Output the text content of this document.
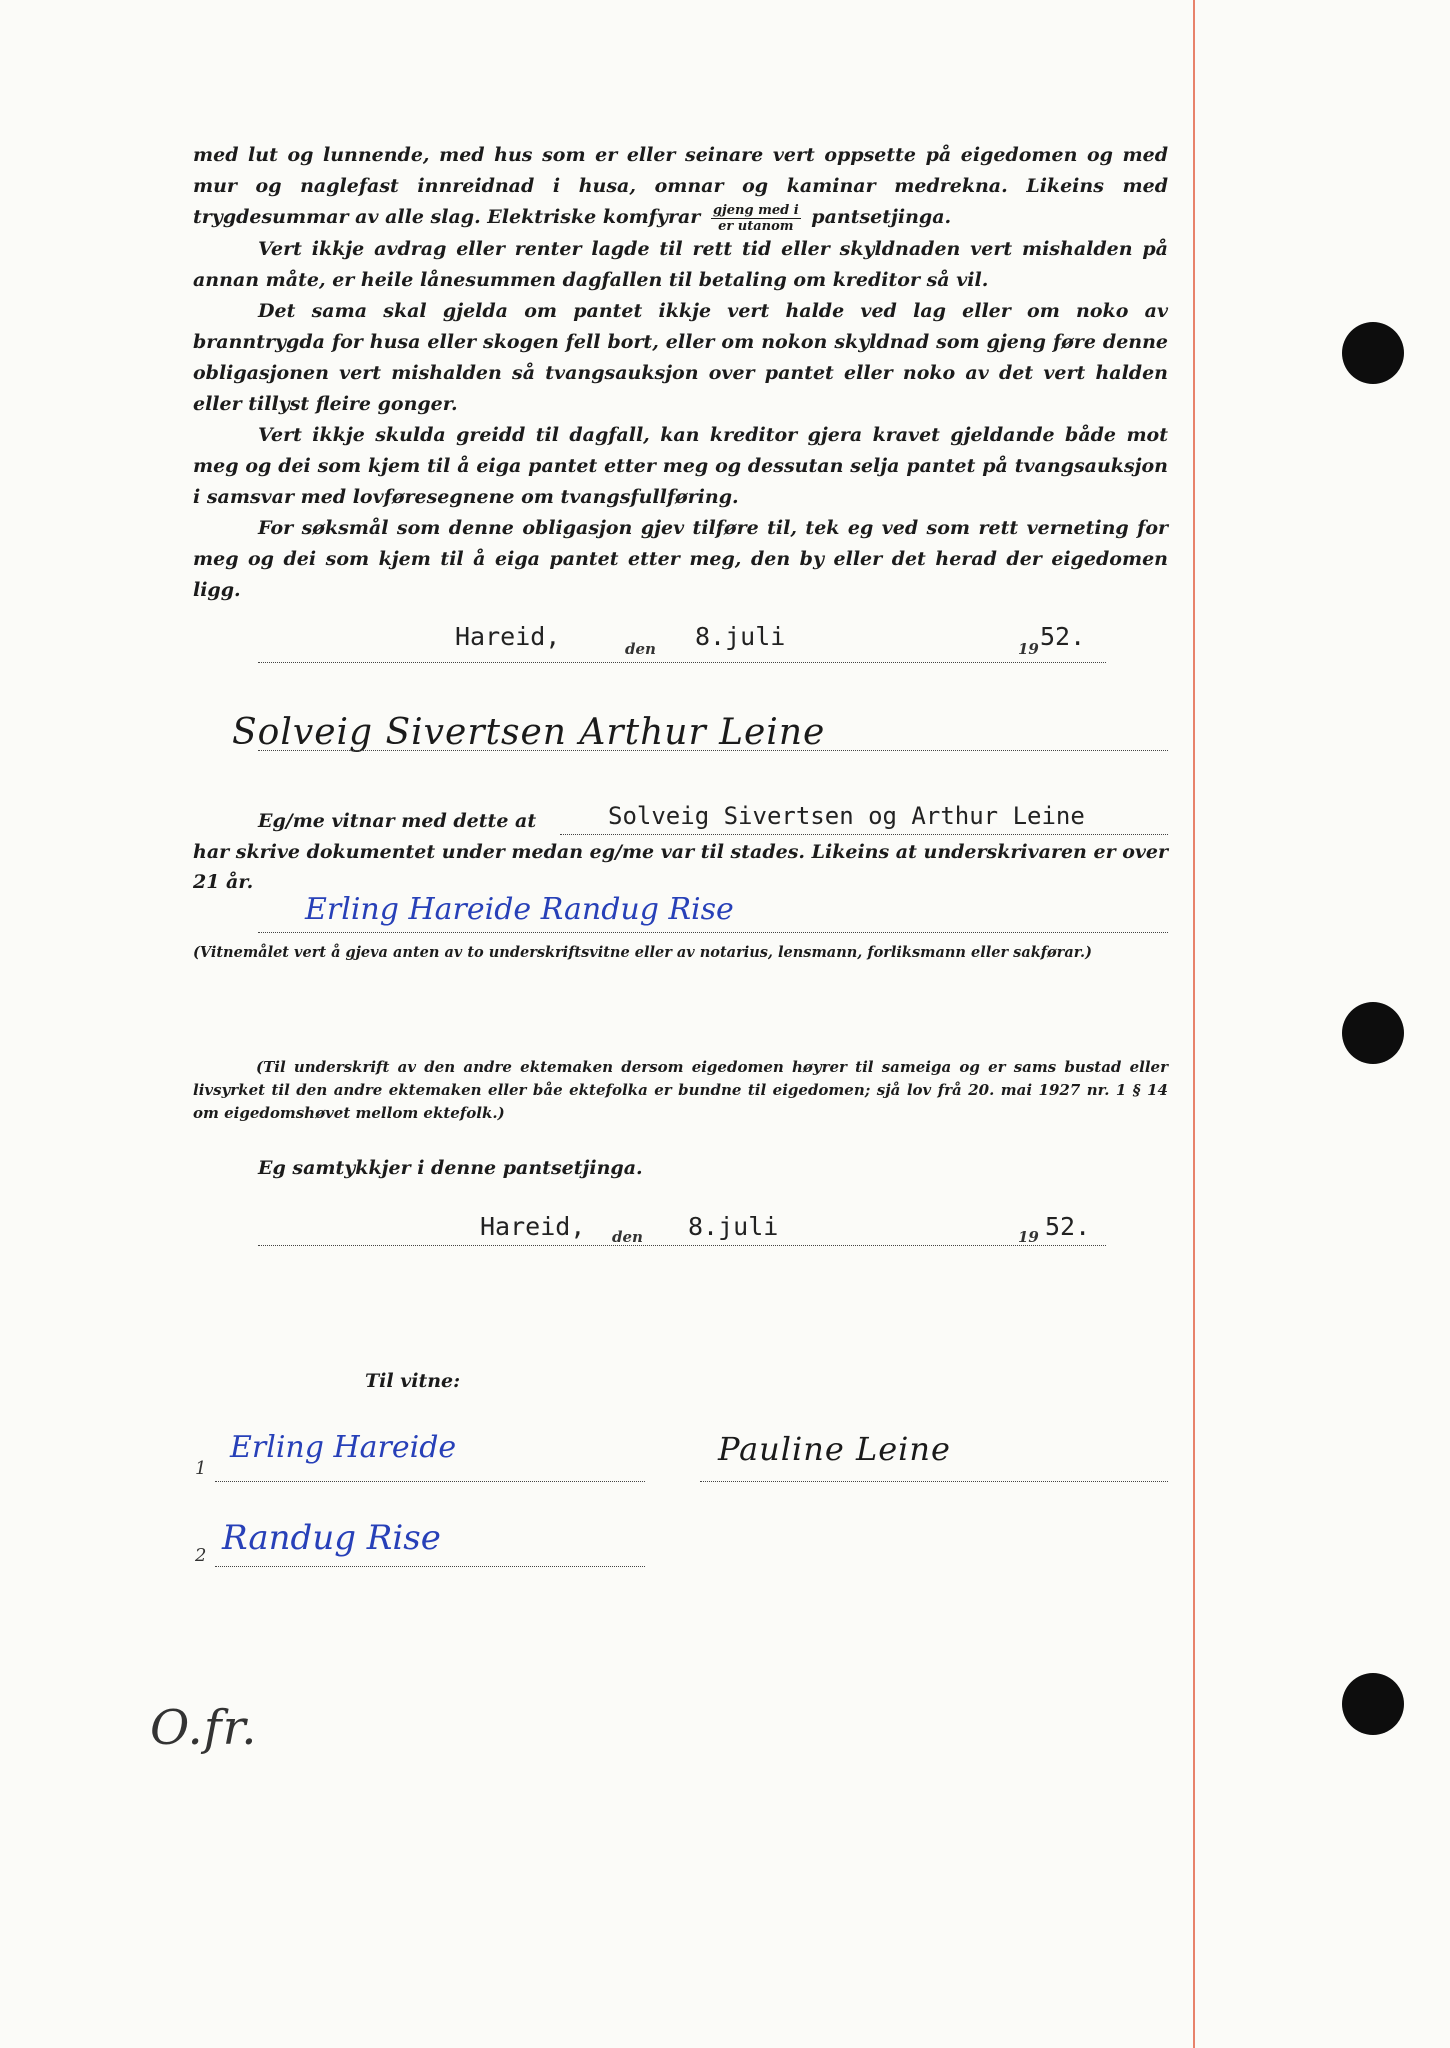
med lut og lunnende, med hus som er eller seinare vert oppsette på eigedomen og med mur og naglefast innreidnad i husa, omnar og kaminar medrekna. Likeins med trygdesummar av alle slag. Elektriske komfyrar $\frac{\text{gjeng med i}}{\text{er utanom}}$ pantsetjinga.

Vert ikkje avdrag eller renter lagde til rett tid eller skyldnaden vert mishalden på annan måte, er heile lånesummen dagfallen til betaling om kreditor så vil.

Det sama skal gjelda om pantet ikkje vert halde ved lag eller om noko av branntrygda for husa eller skogen fell bort, eller om nokon skyldnad som gjeng føre denne obligasjonen vert mishalden så tvangsauksjon over pantet eller noko av det vert halden eller tillyst fleire gonger.

Vert ikkje skulda greidd til dagfall, kan kreditor gjera kravet gjeldande både mot meg og dei som kjem til å eiga pantet etter meg og dessutan selja pantet på tvangsauksjon i samsvar med lovføresegnene om tvangsfullføring.

For søksmål som denne obligasjon gjev tilføre til, tek eg ved som rett verneting for meg og dei som kjem til å eiga pantet etter meg, den by eller det herad der eigedomen ligg.

Hareid,	den 8.juli	19 52.
Solveig Sivertsen Arthur Leine
Eg/me vitnar med dette at	Solveig Sivertsen og Arthur Leine
har skrive dokumentet under medan eg/me var til stades. Likeins at underskrivaren er over
21 år.
Erling Hareide Randug Rise
(Vitnemålet vert å gjeva anten av to underskriftsvitne eller av notarius, lensmann, forliksmann eller sakførar.)
(Til underskrift av den andre ektemaken dersom eigedomen høyrer til sameiga og er sams bustad eller livsyrket til den andre ektemaken eller båe ektefolka er bundne til eigedomen; sjå lov frå 20. mai 1927 nr. 1 § 14 om eigedomshøvet mellom ektefolk.)
Eg samtykkjer i denne pantsetjinga.
Hareid, den 8.juli	19 52.
Til vitne:
1
Erling Hareide	Pauline Leine
2 Randug Rise
O.fr.
